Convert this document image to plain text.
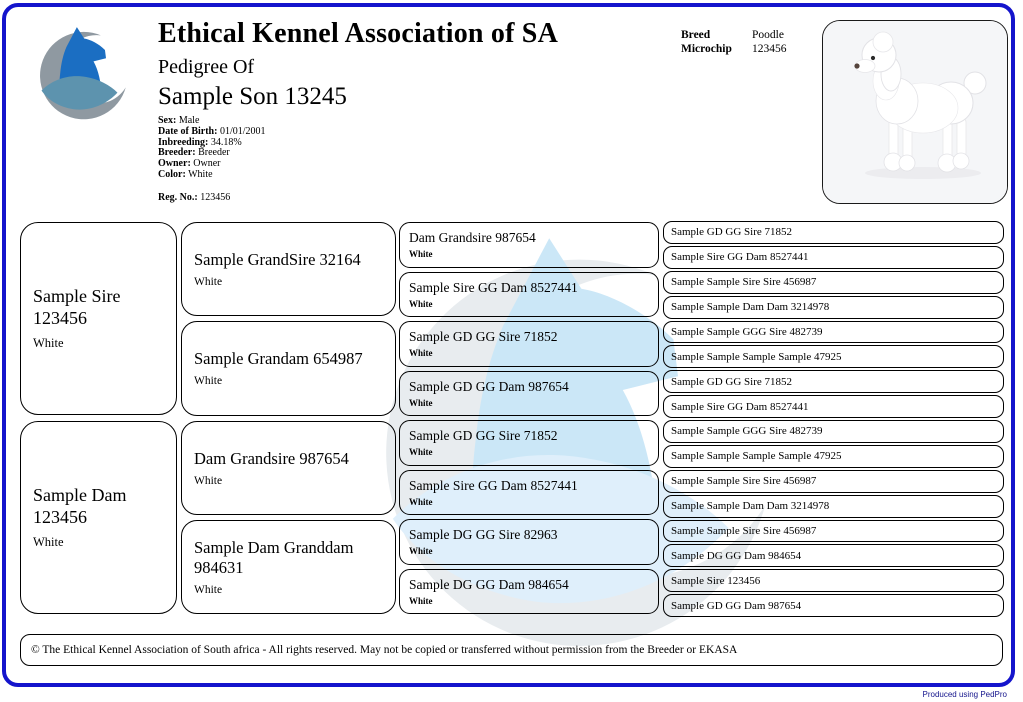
Ethical Kennel Association of SA
Pedigree Of
Sample Son 13245
Sex: Male
Date of Birth: 01/01/2001
Inbreeding: 34.18%
Breeder: Breeder
Owner: Owner
Color: White
Reg. No.: 123456
Breed	Poodle
Microchip	123456
Sample Sire 123456
White
Sample Dam 123456
White
Sample GrandSire 32164
White
Sample Grandam 654987
White
Dam Grandsire 987654
White
Sample Dam Granddam 984631
White
Dam Grandsire 987654
White
Sample Sire GG Dam 8527441
White
Sample GD GG Sire 71852
White
Sample GD GG Dam 987654
White
Sample GD GG Sire 71852
White
Sample Sire GG Dam 8527441
White
Sample DG GG Sire 82963
White
Sample DG GG Dam 984654
White
Sample GD GG Sire 71852
Sample Sire GG Dam 8527441
Sample Sample Sire Sire 456987
Sample Sample Dam Dam 3214978
Sample Sample GGG Sire 482739
Sample Sample Sample Sample 47925
Sample GD GG Sire 71852
Sample Sire GG Dam 8527441
Sample Sample GGG Sire 482739
Sample Sample Sample Sample 47925
Sample Sample Sire Sire 456987
Sample Sample Dam Dam 3214978
Sample Sample Sire Sire 456987
Sample DG GG Dam 984654
Sample Sire 123456
Sample GD GG Dam 987654
© The Ethical Kennel Association of South africa - All rights reserved. May not be copied or transferred without permission from the Breeder or EKASA
Produced using PedPro
